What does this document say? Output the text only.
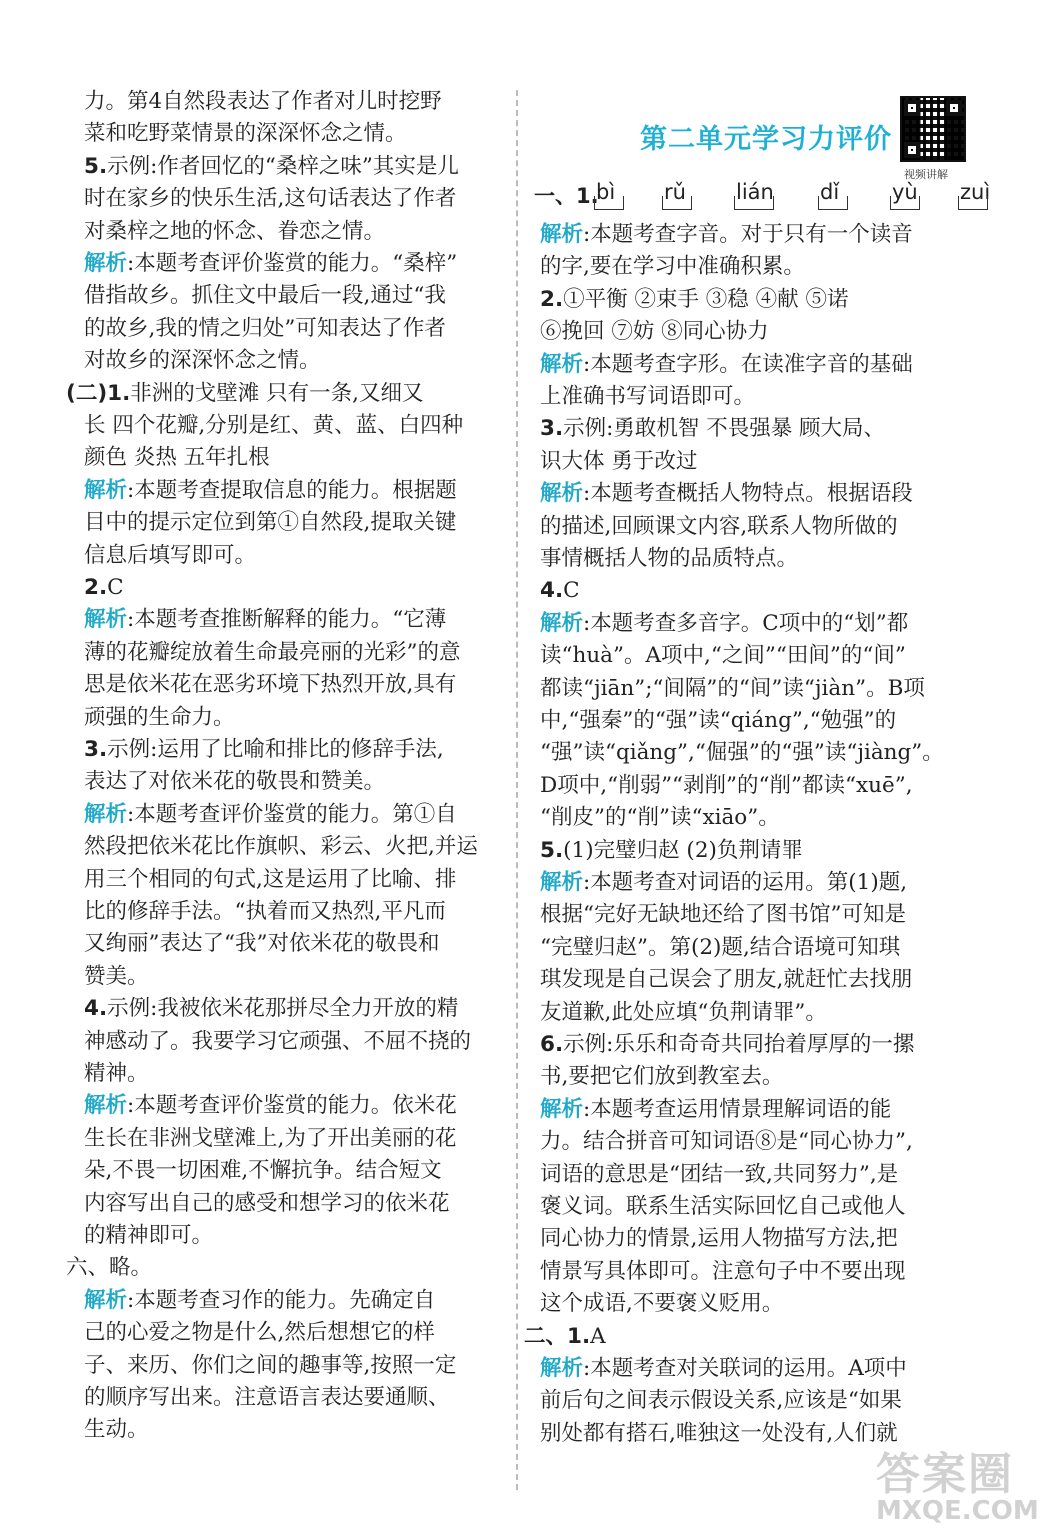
力。第4自然段表达了作者对儿时挖野
菜和吃野菜情景的深深怀念之情。
5.示例:作者回忆的“桑梓之味”其实是儿
时在家乡的快乐生活,这句话表达了作者
对桑梓之地的怀念、眷恋之情。
解析:本题考查评价鉴赏的能力。“桑梓”
借指故乡。抓住文中最后一段,通过“我
的故乡,我的情之归处”可知表达了作者
对故乡的深深怀念之情。
(二)1.非洲的戈壁滩 只有一条,又细又
长 四个花瓣,分别是红、黄、蓝、白四种
颜色 炎热 五年扎根
解析:本题考查提取信息的能力。根据题
目中的提示定位到第①自然段,提取关键
信息后填写即可。
2.C
解析:本题考查推断解释的能力。“它薄
薄的花瓣绽放着生命最亮丽的光彩”的意
思是依米花在恶劣环境下热烈开放,具有
顽强的生命力。
3.示例:运用了比喻和排比的修辞手法,
表达了对依米花的敬畏和赞美。
解析:本题考查评价鉴赏的能力。第①自
然段把依米花比作旗帜、彩云、火把,并运
用三个相同的句式,这是运用了比喻、排
比的修辞手法。“执着而又热烈,平凡而
又绚丽”表达了“我”对依米花的敬畏和
赞美。
4.示例:我被依米花那拼尽全力开放的精
神感动了。我要学习它顽强、不屈不挠的
精神。
解析:本题考查评价鉴赏的能力。依米花
生长在非洲戈壁滩上,为了开出美丽的花
朵,不畏一切困难,不懈抗争。结合短文
内容写出自己的感受和想学习的依米花
的精神即可。
六、略。
解析:本题考查习作的能力。先确定自
己的心爱之物是什么,然后想想它的样
子、来历、你们之间的趣事等,按照一定
的顺序写出来。注意语言表达要通顺、
生动。
解析:本题考查字音。对于只有一个读音
的字,要在学习中准确积累。
2.①平衡 ②束手 ③稳 ④献 ⑤诺
⑥挽回 ⑦妨 ⑧同心协力
解析:本题考查字形。在读准字音的基础
上准确书写词语即可。
3.示例:勇敢机智 不畏强暴 顾大局、
识大体 勇于改过
解析:本题考查概括人物特点。根据语段
的描述,回顾课文内容,联系人物所做的
事情概括人物的品质特点。
4.C
解析:本题考查多音字。C项中的“划”都
读“huà”。A项中,“之间”“田间”的“间”
都读“jiān”;“间隔”的“间”读“jiàn”。B项
中,“强秦”的“强”读“qiáng”,“勉强”的
“强”读“qiǎng”,“倔强”的“强”读“jiàng”。
D项中,“削弱”“剥削”的“削”都读“xuē”,
“削皮”的“削”读“xiāo”。
5.(1)完璧归赵 (2)负荆请罪
解析:本题考查对词语的运用。第(1)题,
根据“完好无缺地还给了图书馆”可知是
“完璧归赵”。第(2)题,结合语境可知琪
琪发现是自己误会了朋友,就赶忙去找朋
友道歉,此处应填“负荆请罪”。
6.示例:乐乐和奇奇共同抬着厚厚的一摞
书,要把它们放到教室去。
解析:本题考查运用情景理解词语的能
力。结合拼音可知词语⑧是“同心协力”,
词语的意思是“团结一致,共同努力”,是
褒义词。联系生活实际回忆自己或他人
同心协力的情景,运用人物描写方法,把
情景写具体即可。注意句子中不要出现
这个成语,不要褒义贬用。
二、1.A
解析:本题考查对关联词的运用。A项中
前后句之间表示假设关系,应该是“如果
别处都有搭石,唯独这一处没有,人们就
第二单元学习力评价
视频讲解
一、1.
bì rǔ lián dǐ	yù zuì
答案圈
MXQE.COM
